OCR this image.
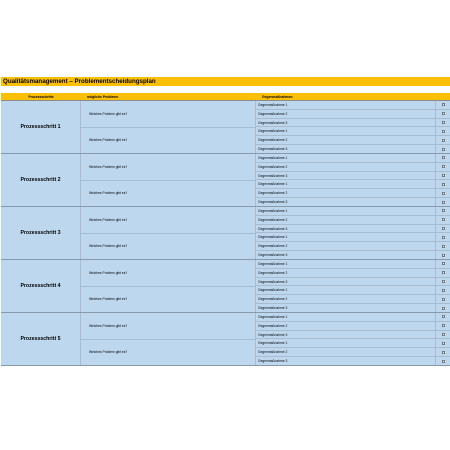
Qualitätsmanagement – Problementscheidungsplan
Prozessschritte	mögliche Probleme	Gegenmaßnahmen
Prozessschritt 1
Welches Problem gibt es?
Welches Problem gibt es?
Gegenmaßnahme 1
Gegenmaßnahme 2
Gegenmaßnahme 3
Gegenmaßnahme 1
Gegenmaßnahme 2
Gegenmaßnahme 3
Prozessschritt 2
Welches Problem gibt es?
Welches Problem gibt es?
Gegenmaßnahme 1
Gegenmaßnahme 2
Gegenmaßnahme 3
Gegenmaßnahme 1
Gegenmaßnahme 2
Gegenmaßnahme 3
Prozessschritt 3
Welches Problem gibt es?
Welches Problem gibt es?
Gegenmaßnahme 1
Gegenmaßnahme 2
Gegenmaßnahme 3
Gegenmaßnahme 1
Gegenmaßnahme 2
Gegenmaßnahme 3
Prozessschritt 4
Welches Problem gibt es?
Welches Problem gibt es?
Gegenmaßnahme 1
Gegenmaßnahme 2
Gegenmaßnahme 3
Gegenmaßnahme 1
Gegenmaßnahme 2
Gegenmaßnahme 3
Prozessschritt 5
Welches Problem gibt es?
Welches Problem gibt es?
Gegenmaßnahme 1
Gegenmaßnahme 2
Gegenmaßnahme 3
Gegenmaßnahme 1
Gegenmaßnahme 2
Gegenmaßnahme 3
